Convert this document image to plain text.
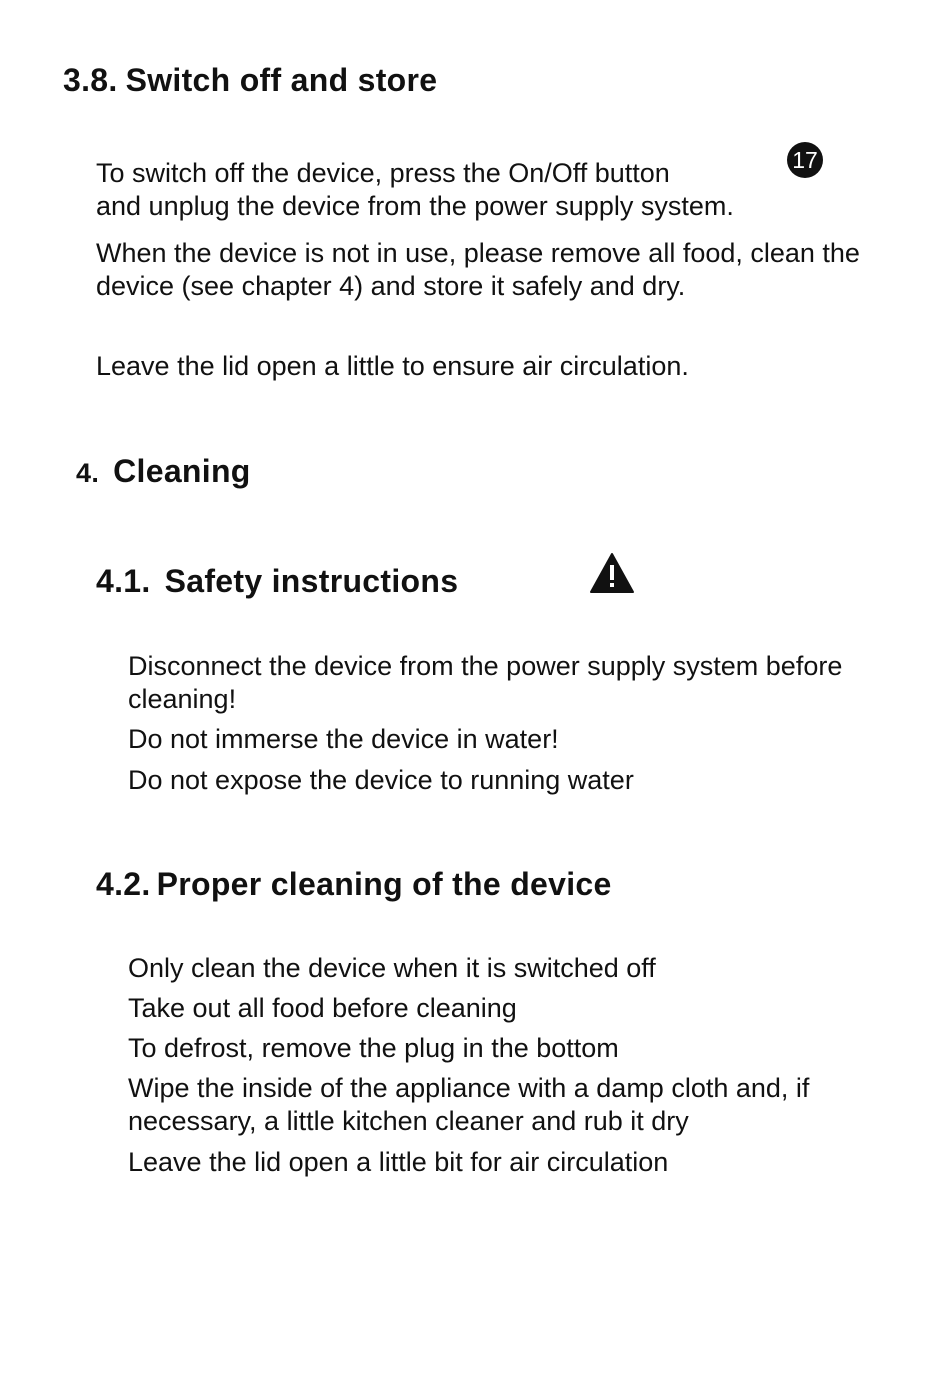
3.8. Switch off and store

To switch off the device, press the On/Off button	17

and unplug the device from the power supply system.

When the device is not in use, please remove all food, clean the device (see chapter 4) and store it safely and dry.

Leave the lid open a little to ensure air circulation.

4. Cleaning
4.1. Safety instructions

Disconnect the device from the power supply system before cleaning!

Do not immerse the device in water!

Do not expose the device to running water

4.2. Proper cleaning of the device

Only clean the device when it is switched off

Take out all food before cleaning

To defrost, remove the plug in the bottom

Wipe the inside of the appliance with a damp cloth and, if necessary, a little kitchen cleaner and rub it dry

Leave the lid open a little bit for air circulation
